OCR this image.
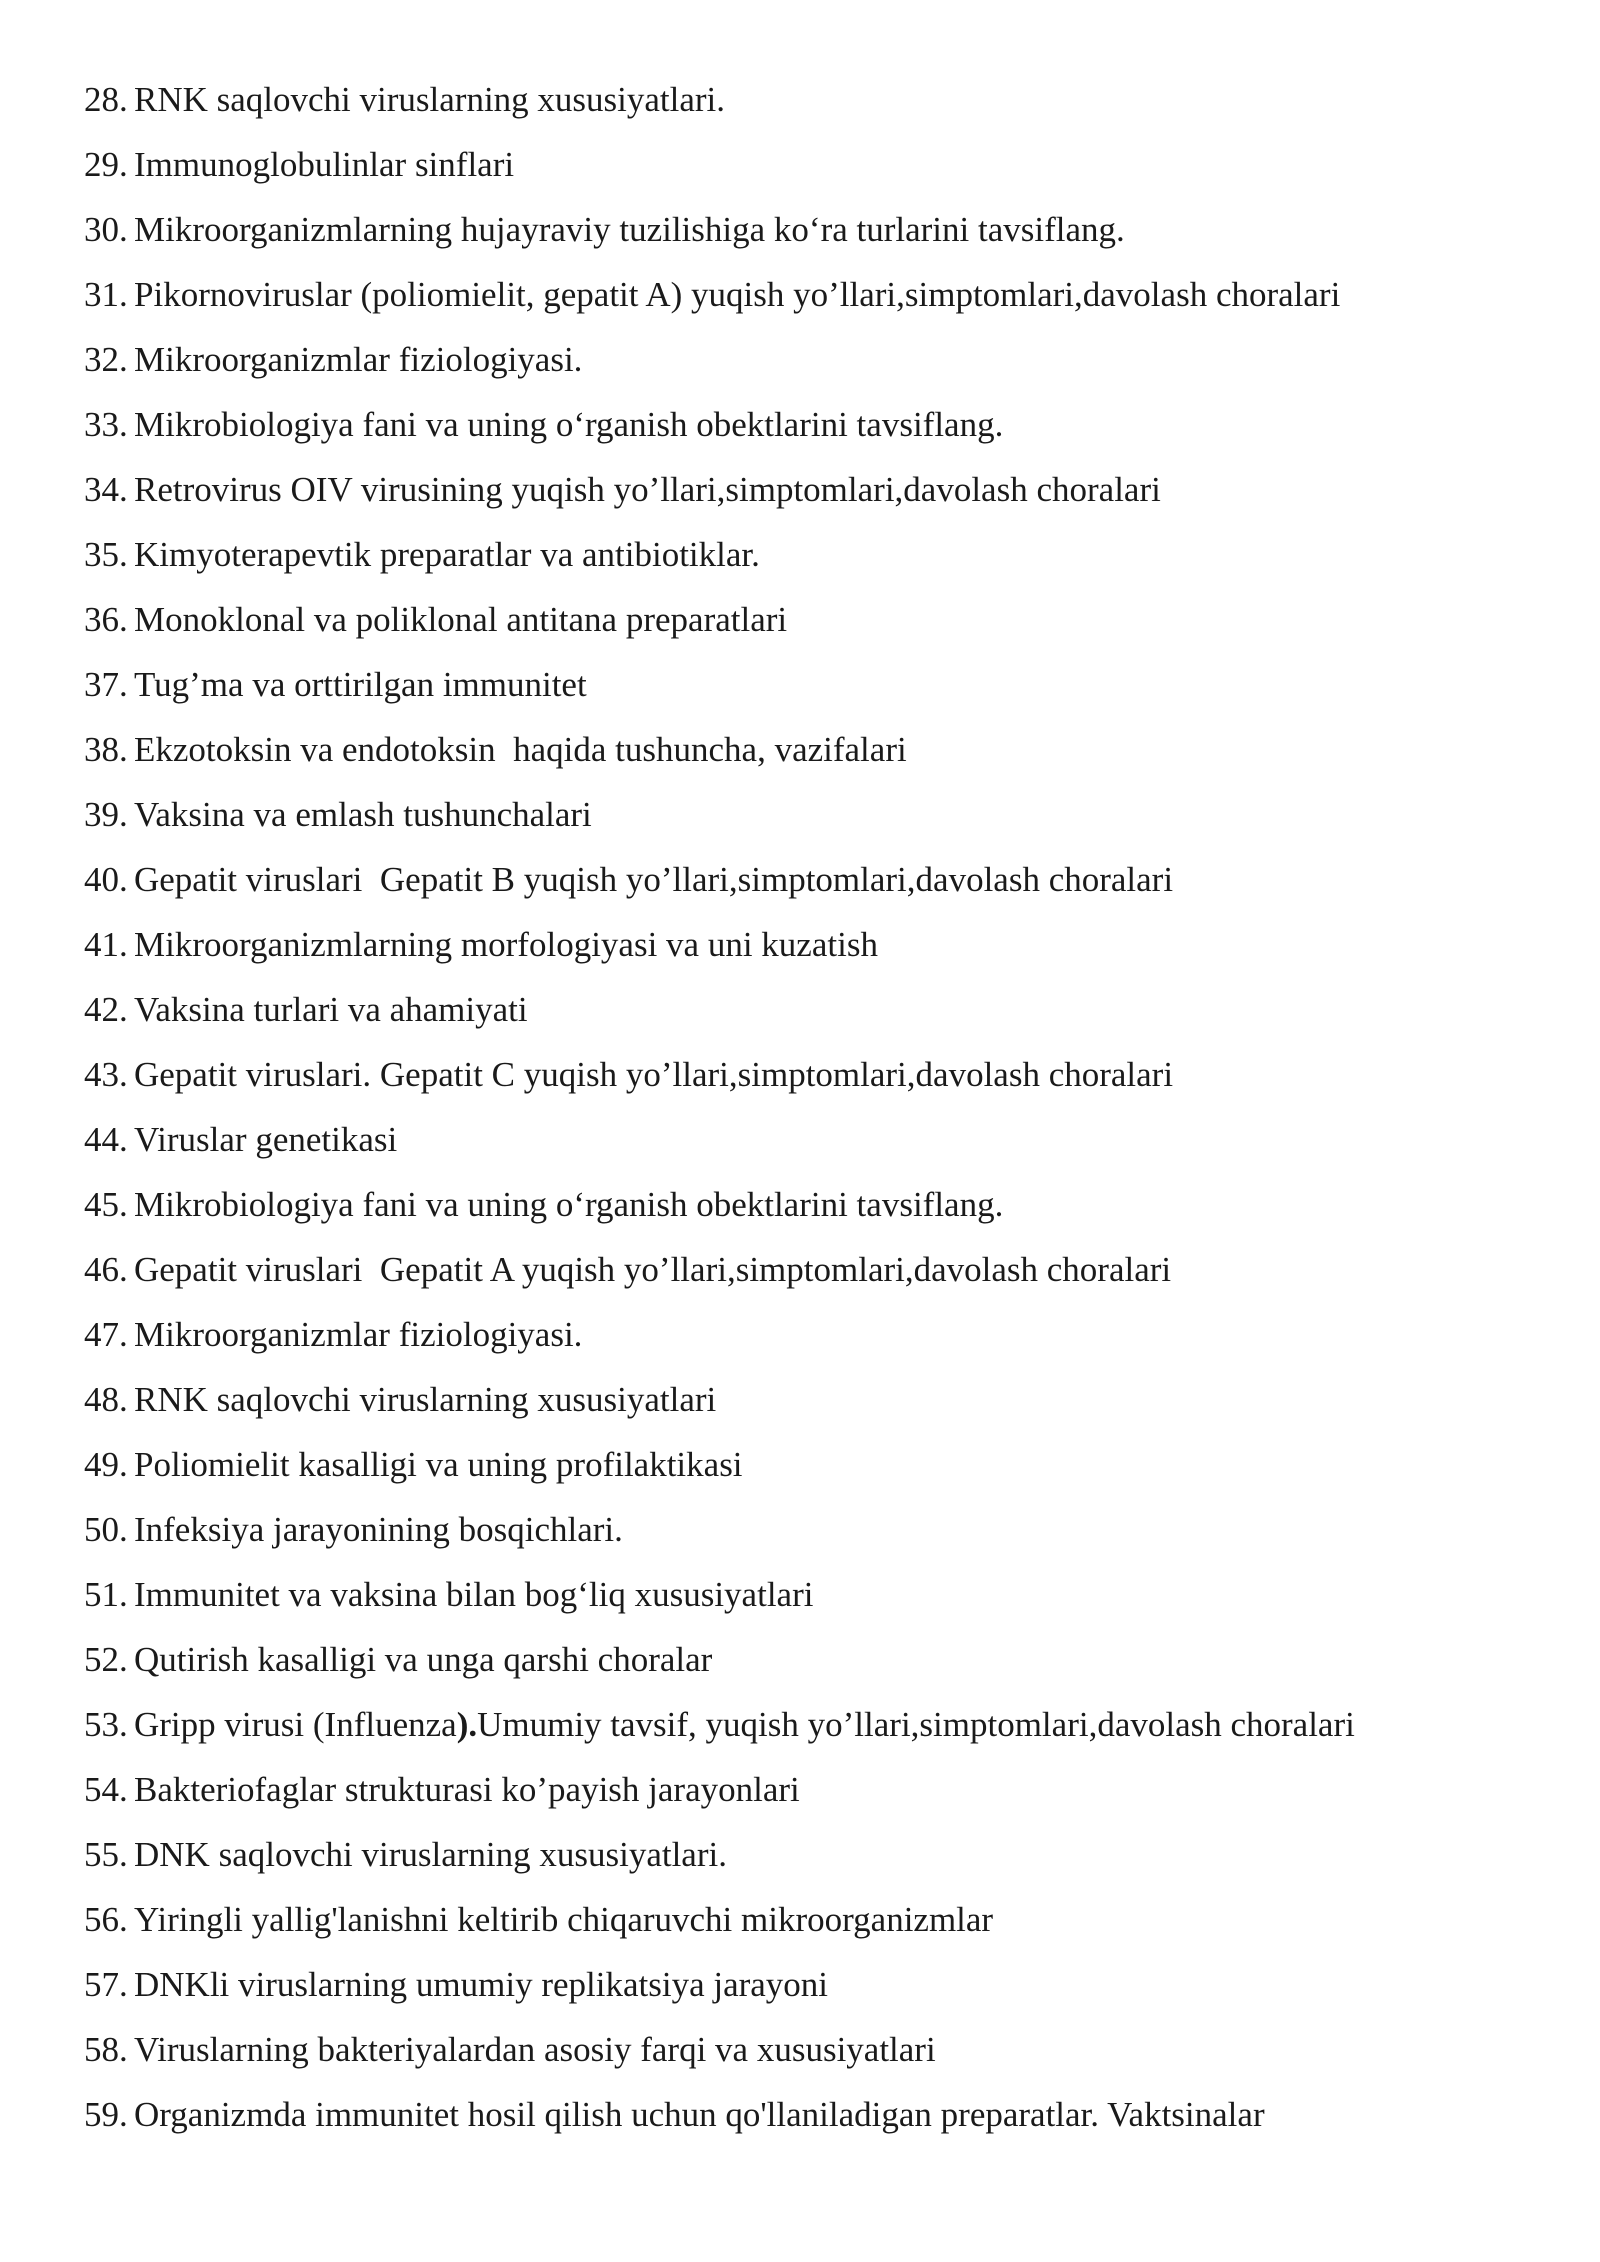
28. RNK saqlovchi viruslarning xususiyatlari.
29. Immunoglobulinlar sinflari
30. Mikroorganizmlarning hujayraviy tuzilishiga ko‘ra turlarini tavsiflang.
31. Pikornoviruslar (poliomielit, gepatit A) yuqish yo’llari,simptomlari,davolash choralari
32. Mikroorganizmlar fiziologiyasi.
33. Mikrobiologiya fani va uning o‘rganish obektlarini tavsiflang.
34. Retrovirus OIV virusining yuqish yo’llari,simptomlari,davolash choralari
35. Kimyoterapevtik preparatlar va antibiotiklar.
36. Monoklonal va poliklonal antitana preparatlari
37. Tug’ma va orttirilgan immunitet
38. Ekzotoksin va endotoksin  haqida tushuncha, vazifalari
39. Vaksina va emlash tushunchalari
40. Gepatit viruslari  Gepatit B yuqish yo’llari,simptomlari,davolash choralari
41. Mikroorganizmlarning morfologiyasi va uni kuzatish
42. Vaksina turlari va ahamiyati
43. Gepatit viruslari. Gepatit C yuqish yo’llari,simptomlari,davolash choralari
44. Viruslar genetikasi
45. Mikrobiologiya fani va uning o‘rganish obektlarini tavsiflang.
46. Gepatit viruslari  Gepatit A yuqish yo’llari,simptomlari,davolash choralari
47. Mikroorganizmlar fiziologiyasi.
48. RNK saqlovchi viruslarning xususiyatlari
49. Poliomielit kasalligi va uning profilaktikasi
50. Infeksiya jarayonining bosqichlari.
51. Immunitet va vaksina bilan bog‘liq xususiyatlari
52. Qutirish kasalligi va unga qarshi choralar
53. Gripp virusi (Influenza).Umumiy tavsif, yuqish yo’llari,simptomlari,davolash choralari
54. Bakteriofaglar strukturasi ko’payish jarayonlari
55. DNK saqlovchi viruslarning xususiyatlari.
56. Yiringli yallig'lanishni keltirib chiqaruvchi mikroorganizmlar
57. DNKli viruslarning umumiy replikatsiya jarayoni
58. Viruslarning bakteriyalardan asosiy farqi va xususiyatlari
59. Organizmda immunitet hosil qilish uchun qo'llaniladigan preparatlar. Vaktsinalar
